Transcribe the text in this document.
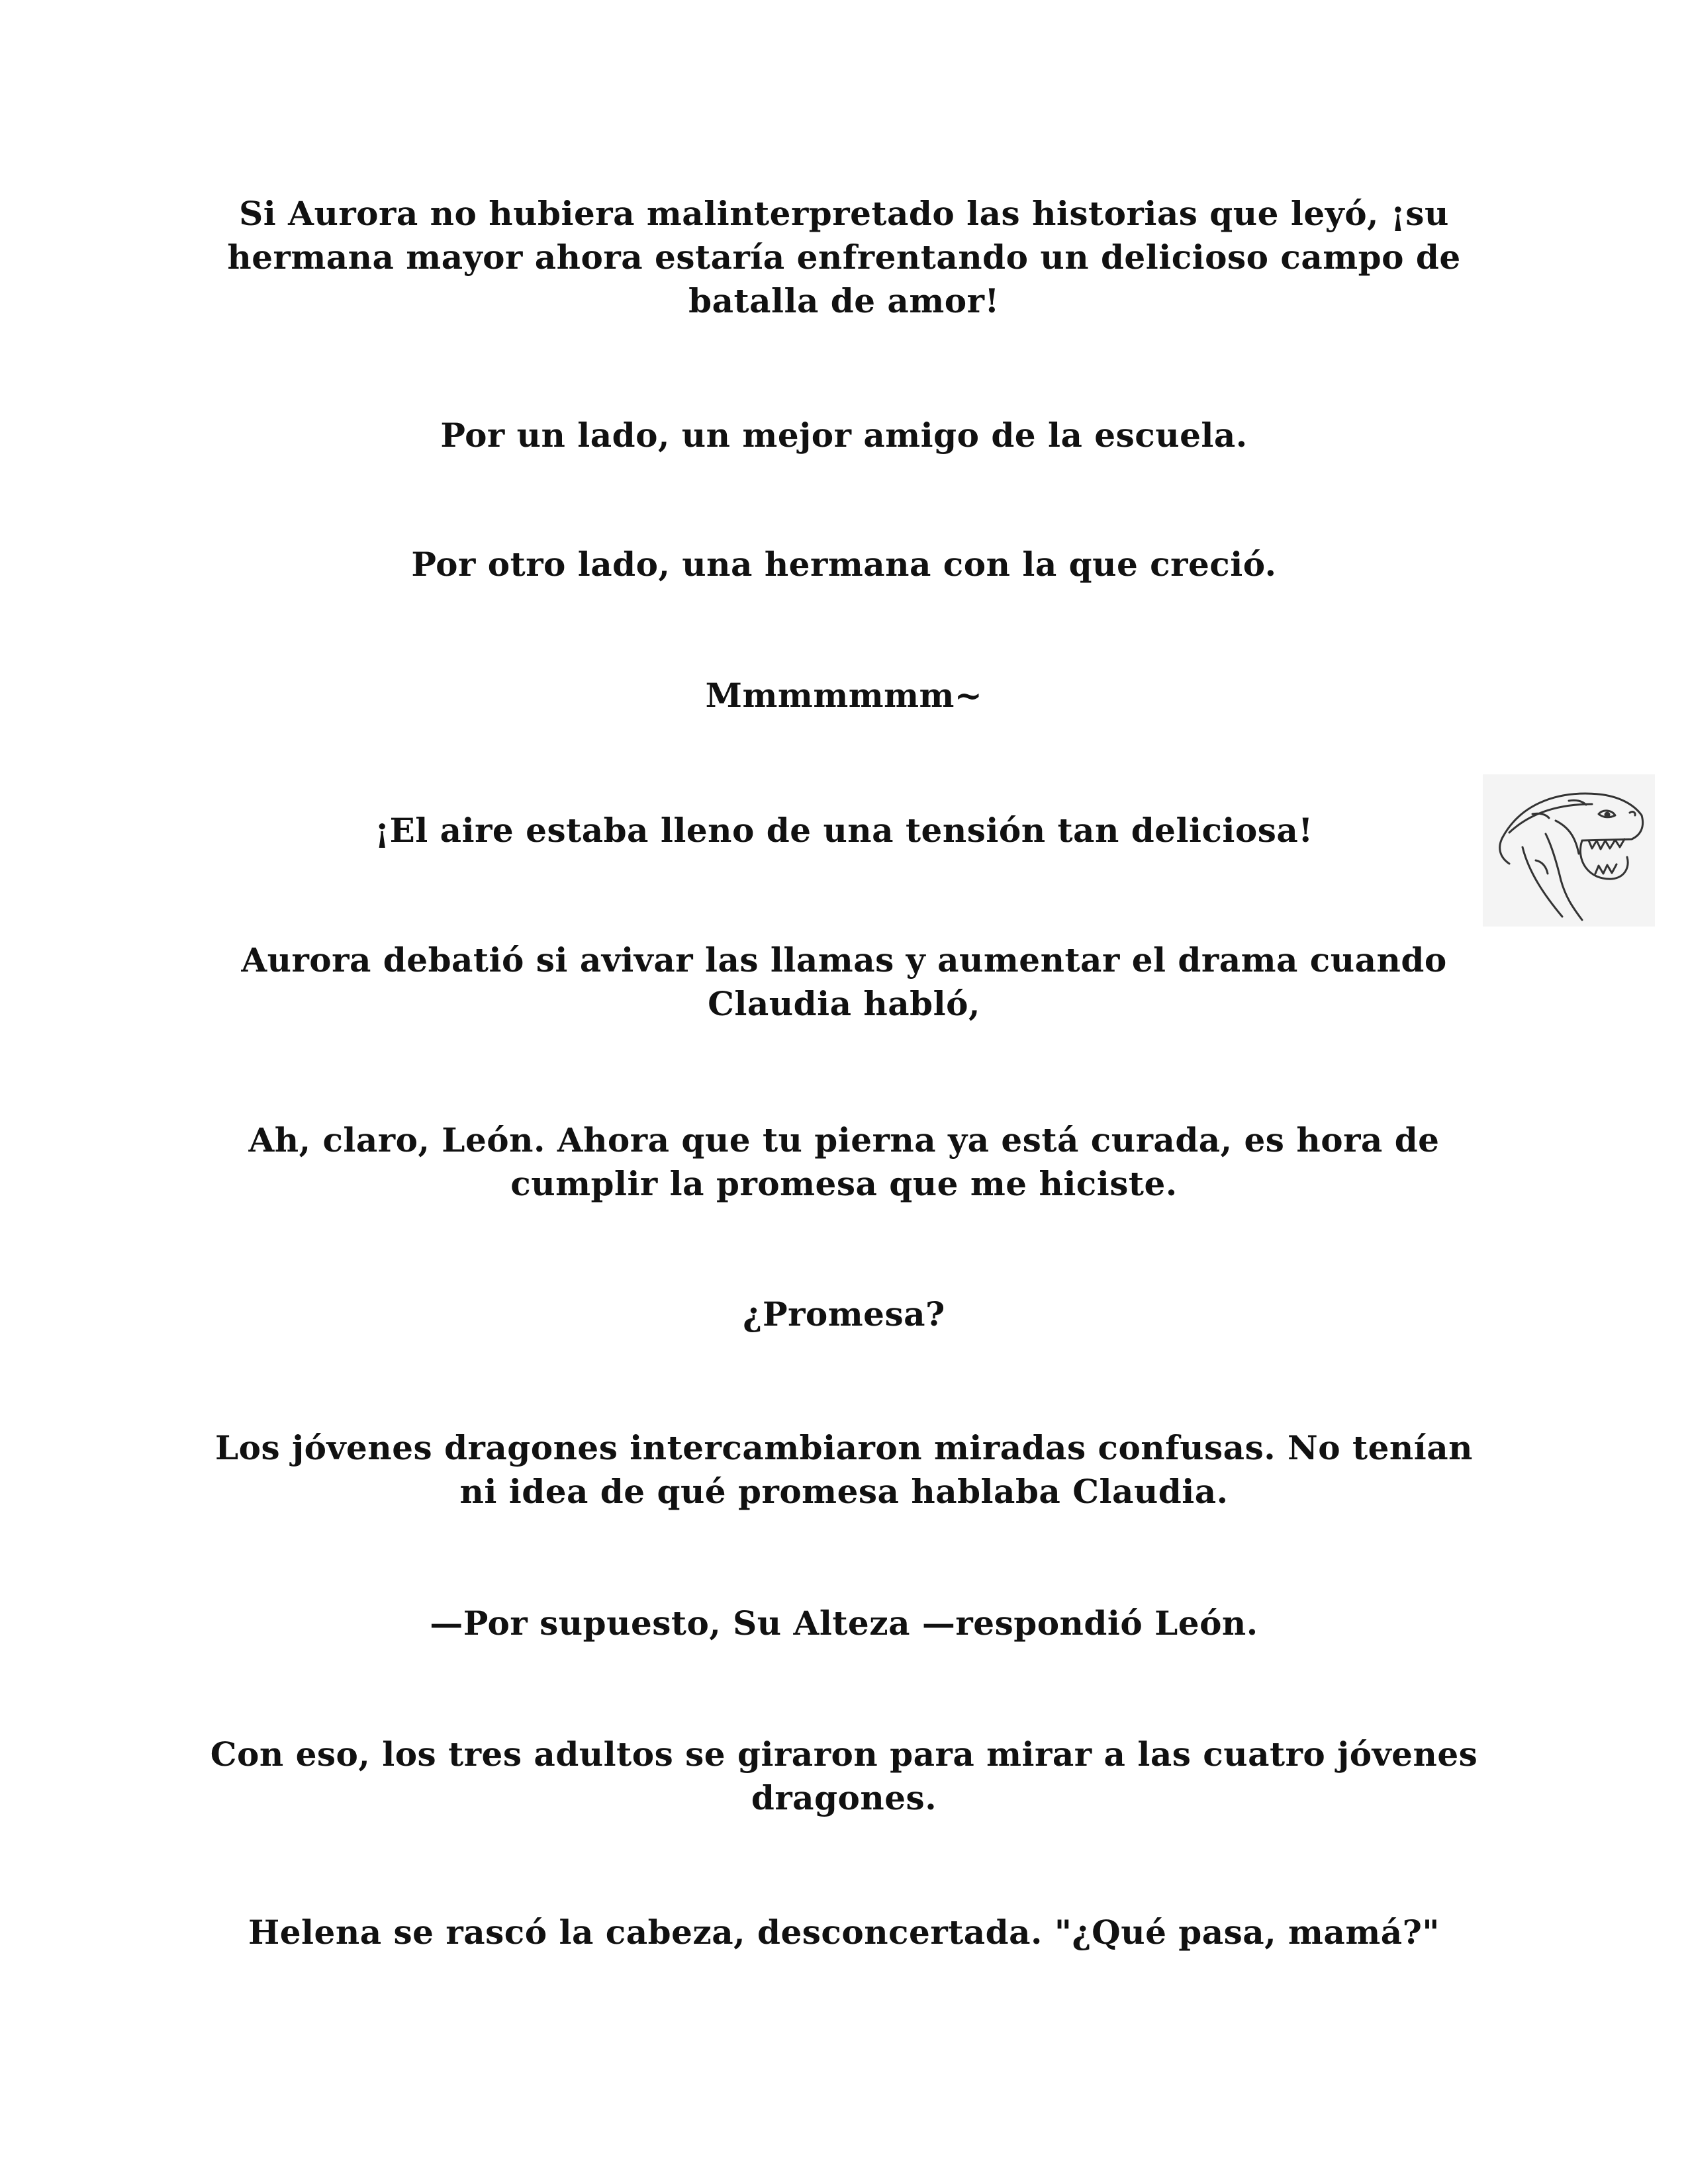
Si Aurora no hubiera malinterpretado las historias que leyó, ¡su hermana mayor ahora estaría enfrentando un delicioso campo de batalla de amor!

Por un lado, un mejor amigo de la escuela.

Por otro lado, una hermana con la que creció.

Mmmmmmm~

¡El aire estaba lleno de una tensión tan deliciosa!

Aurora debatió si avivar las llamas y aumentar el drama cuando Claudia habló,

Ah, claro, León. Ahora que tu pierna ya está curada, es hora de cumplir la promesa que me hiciste.

¿Promesa?

Los jóvenes dragones intercambiaron miradas confusas. No tenían ni idea de qué promesa hablaba Claudia.

—Por supuesto, Su Alteza —respondió León.

Con eso, los tres adultos se giraron para mirar a las cuatro jóvenes dragones.

Helena se rascó la cabeza, desconcertada. "¿Qué pasa, mamá?"
